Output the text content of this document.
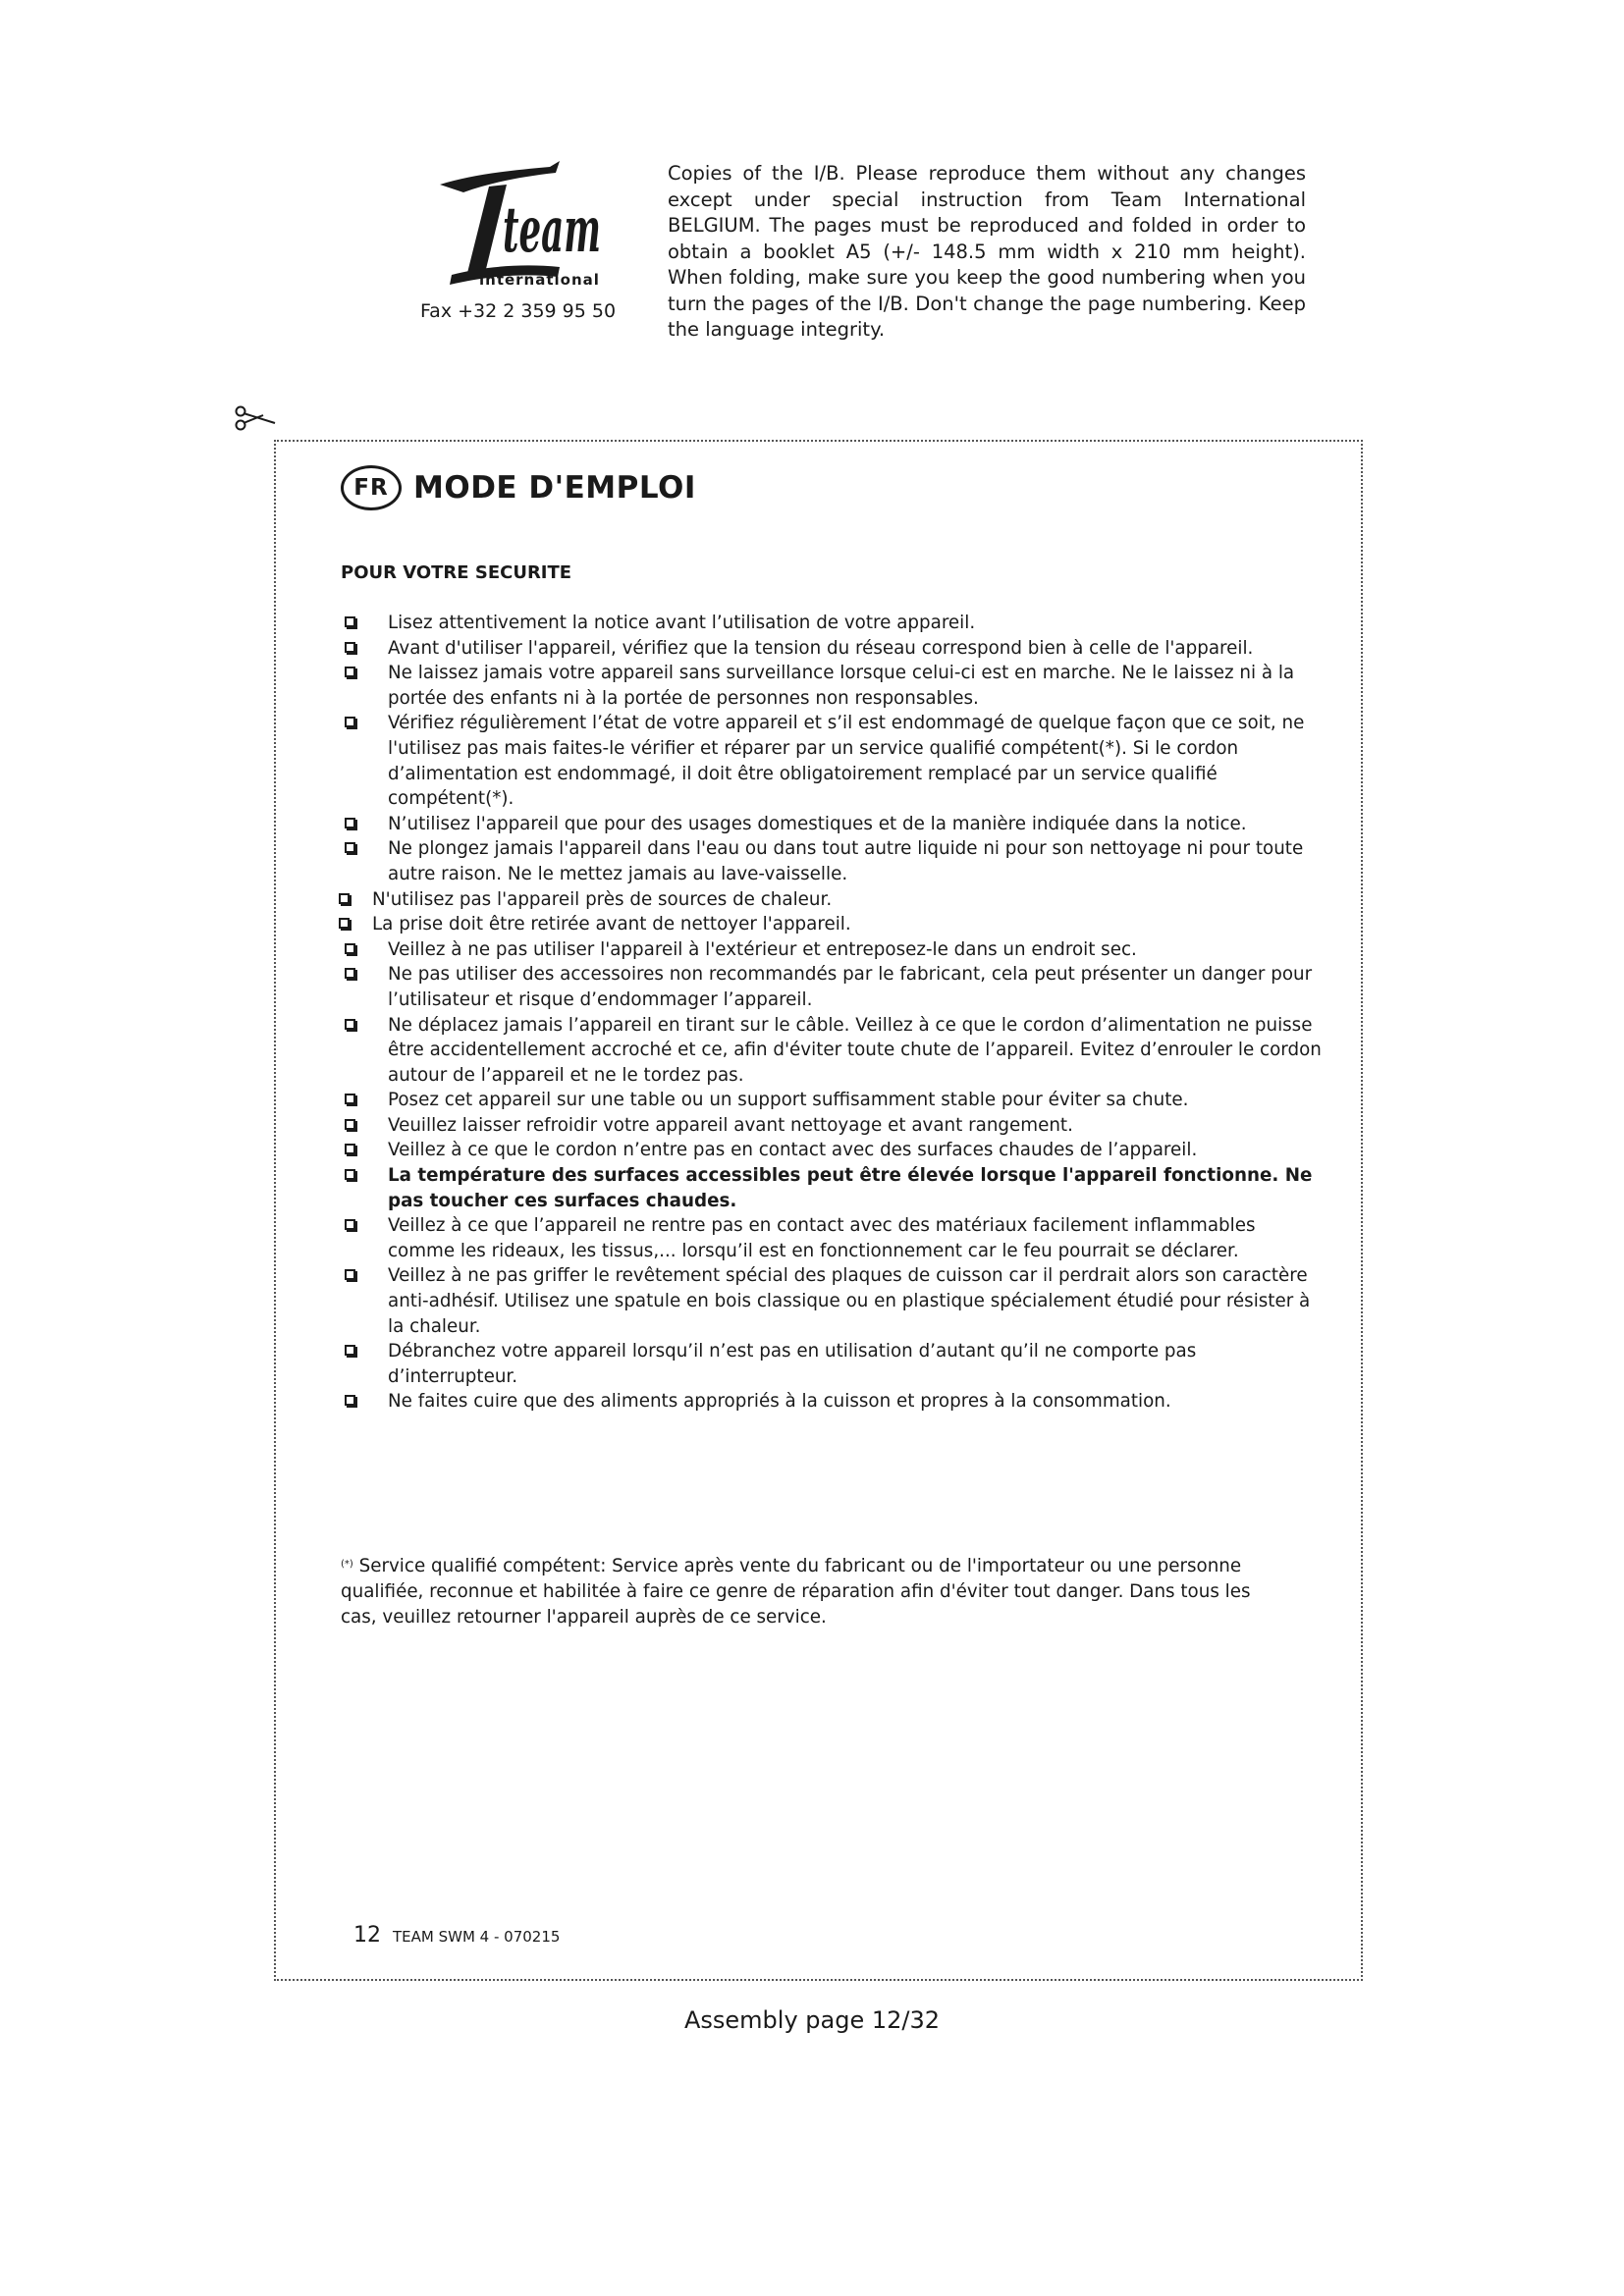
team
international
Fax +32 2 359 95 50

Copies of the I/B. Please reproduce them without any changes except under special instruction from Team International BELGIUM. The pages must be reproduced and folded in order to obtain a booklet A5 (+/- 148.5 mm width x 210 mm height). When folding, make sure you keep the good numbering when you turn the pages of the I/B. Don't change the page numbering. Keep the language integrity.

FR MODE D'EMPLOI
POUR VOTRE SECURITE
Lisez attentivement la notice avant l’utilisation de votre appareil.
Avant d'utiliser l'appareil, vérifiez que la tension du réseau correspond bien à celle de l'appareil.
Ne laissez jamais votre appareil sans surveillance lorsque celui-ci est en marche. Ne le laissez ni à la portée des enfants ni à la portée de personnes non responsables.
Vérifiez régulièrement l’état de votre appareil et s’il est endommagé de quelque façon que ce soit, ne l'utilisez pas mais faites-le vérifier et réparer par un service qualifié compétent(*). Si le cordon d’alimentation est endommagé, il doit être obligatoirement remplacé par un service qualifié compétent(*).
N’utilisez l'appareil que pour des usages domestiques et de la manière indiquée dans la notice.
Ne plongez jamais l'appareil dans l'eau ou dans tout autre liquide ni pour son nettoyage ni pour toute autre raison. Ne le mettez jamais au lave-vaisselle.
N'utilisez pas l'appareil près de sources de chaleur.
La prise doit être retirée avant de nettoyer l'appareil.
Veillez à ne pas utiliser l'appareil à l'extérieur et entreposez-le dans un endroit sec.
Ne pas utiliser des accessoires non recommandés par le fabricant, cela peut présenter un danger pour l’utilisateur et risque d’endommager l’appareil.
Ne déplacez jamais l’appareil en tirant sur le câble. Veillez à ce que le cordon d’alimentation ne puisse être accidentellement accroché et ce, afin d'éviter toute chute de l’appareil. Evitez d’enrouler le cordon autour de l’appareil et ne le tordez pas.
Posez cet appareil sur une table ou un support suffisamment stable pour éviter sa chute.
Veuillez laisser refroidir votre appareil avant nettoyage et avant rangement.
Veillez à ce que le cordon n’entre pas en contact avec des surfaces chaudes de l’appareil.
La température des surfaces accessibles peut être élevée lorsque l'appareil fonctionne. Ne pas toucher ces surfaces chaudes.
Veillez à ce que l’appareil ne rentre pas en contact avec des matériaux facilement inflammables comme les rideaux, les tissus,... lorsqu’il est en fonctionnement car le feu pourrait se déclarer.
Veillez à ne pas griffer le revêtement spécial des plaques de cuisson car il perdrait alors son caractère anti-adhésif. Utilisez une spatule en bois classique ou en plastique spécialement étudié pour résister à la chaleur.
Débranchez votre appareil lorsqu’il n’est pas en utilisation d’autant qu’il ne comporte pas d’interrupteur.
Ne faites cuire que des aliments appropriés à la cuisson et propres à la consommation.

(*) Service qualifié compétent: Service après vente du fabricant ou de l'importateur ou une personne qualifiée, reconnue et habilitée à faire ce genre de réparation afin d'éviter tout danger. Dans tous les cas, veuillez retourner l'appareil auprès de ce service.

12 TEAM SWM 4 - 070215
Assembly page 12/32
